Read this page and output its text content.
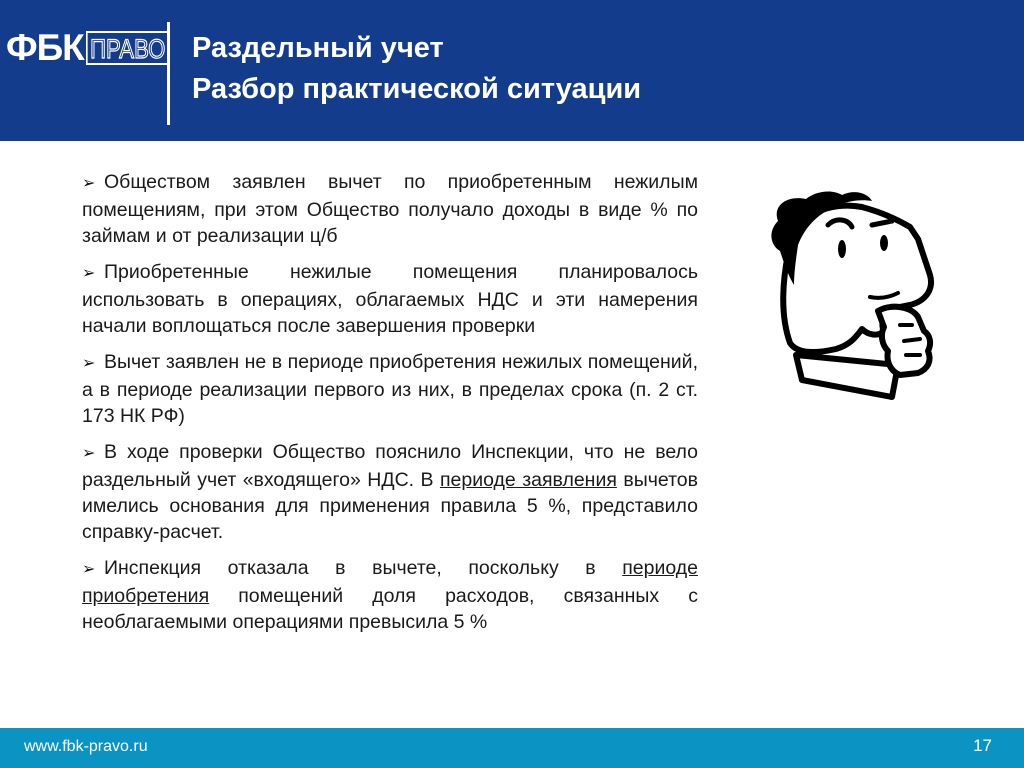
ФБК ПРАВО Раздельный учет
Разбор практической ситуации

➢ Обществом заявлен вычет по приобретенным нежилым помещениям, при этом Общество получало доходы в виде % по займам и от реализации ц/б

➢ Приобретенные нежилые помещения планировалось использовать в операциях, облагаемых НДС и эти намерения начали воплощаться после завершения проверки

➢ Вычет заявлен не в периоде приобретения нежилых помещений, а в периоде реализации первого из них, в пределах срока (п. 2 ст. 173 НК РФ)

➢ В ходе проверки Общество пояснило Инспекции, что не вело раздельный учет «входящего» НДС. В периоде заявления вычетов имелись основания для применения правила 5 %, представило справку-расчет.

➢ Инспекция отказала в вычете, поскольку в периоде приобретения помещений доля расходов, связанных с необлагаемыми операциями превысила 5 %

www.fbk-pravo.ru	17
